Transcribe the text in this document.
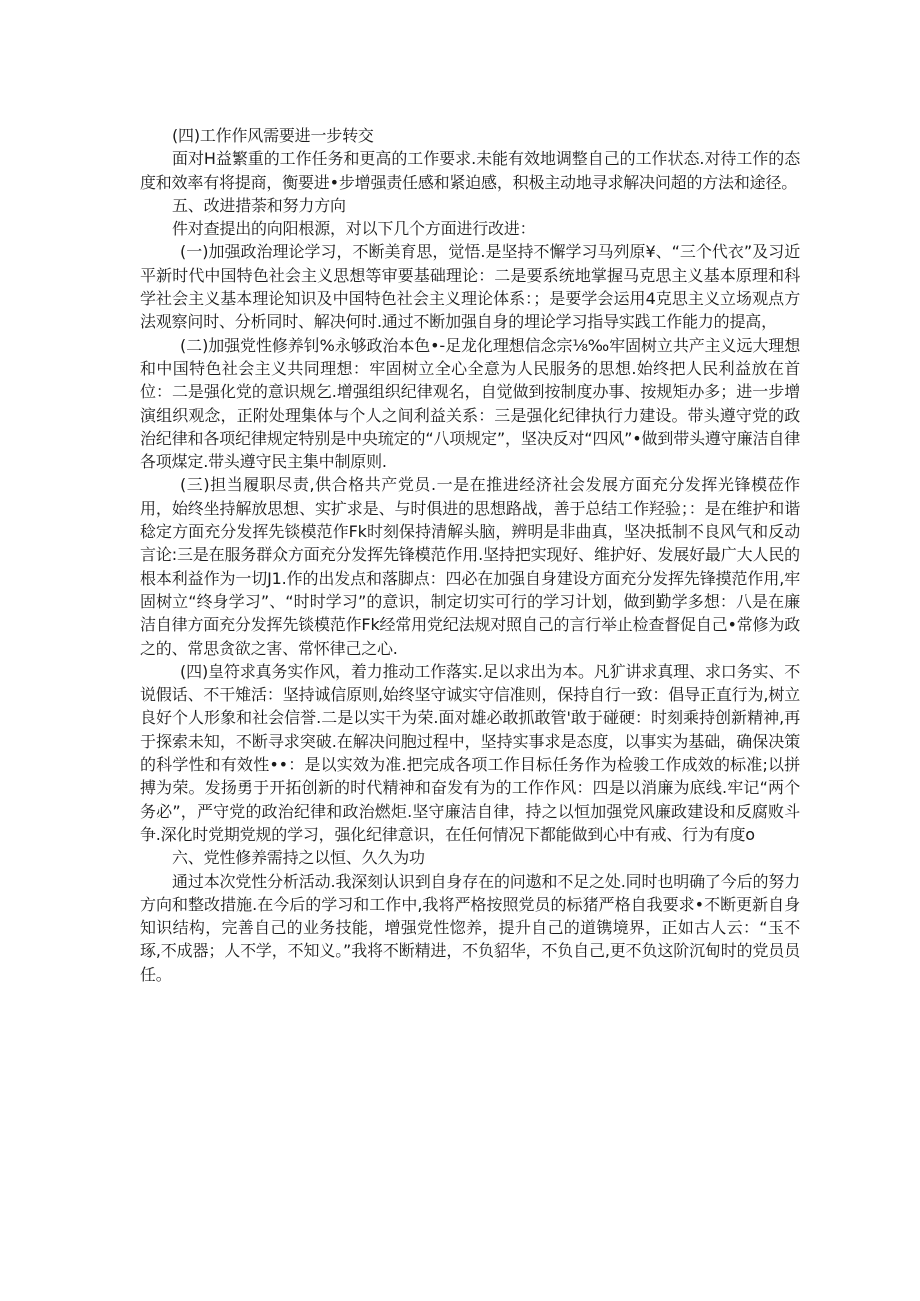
(四)工作作风需要进一步转交

面对H益繁重的工作任务和更高的工作要求.未能有效地调整自己的工作状态.对待工作的态度和效率有将提商，衡要进•步增强责任感和紧迫感，积极主动地寻求解决问超的方法和途径。

五、改进措荼和努力方向

件对查提出的向阳根源，对以下几个方面进行改进：

(一)加强政治理论学习，不断美育思，觉悟.是坚持不懈学习马列原¥、“三个代衣”及习近平新时代中国特色社会主义思想等审要基础理论：二是要系统地掌握马克思主义基本原理和科学社会主义基本理论知识及中国特色社会主义理论体系：；是要学会运用4克思主义立场观点方法观察问时、分析同时、解决何时.通过不断加强自身的埋论学习指导实践工作能力的提高，

(二)加强党性修养钊%永够政治本色•-足龙化理想信念宗⅛‰牢固树立共产主义远大理想和中国特色社会主义共同理想：牢固树立全心全意为人民服务的思想.始终把人民利益放在首位：二是强化党的意识规乞.增强组织纪律观名，自觉做到按制度办事、按规矩办多；进一步增演组织观念，正附处理集体与个人之间利益关系：三是强化纪律执行力建设。带头遵守党的政治纪律和各项纪律规定特别是中央琉定的“八项规定”，坚决反对“四风”•做到带头遵守廉洁自律各项煤定.带头遵守民主集中制原则.

(三)担当履职尽责,供合格共产党员.一是在推进经济社会发展方面充分发挥光锋模莅作用，始终坐持解放思想、实扩求是、与时俱进的思想路战，善于总结工作羟验；：是在维护和谐稔定方面充分发挥先锬模范作Fk时刻保持清解头脑，辨明是非曲真，坚决抵制不良风气和反动言论:三是在服务群众方面充分发挥先锋模范作用.坚持把实现好、维护好、发展好最广大人民的根本利益作为一切J1.作的出发点和落脚点：四必在加强自身建设方面充分发挥先锋摸范作用,牢固树立“终身学习”、“时时学习”的意识，制定切实可行的学习计划，做到勤学多想：八是在廉洁自律方面充分发挥先锬模范作Fk经常用党纪法规对照自己的言行举止检查督促自己•常修为政之的、常思贪欲之害、常怀律己之心.

(四)皇符求真务实作风，着力推动工作落实.足以求出为本。凡犷讲求真理、求口务实、不说假话、不干雉活：坚持诚信原则,始终坚守诚实守信准则，保持自行一致：倡导正直行为,树立良好个人形象和社会信誉.二是以实干为荣.面对雄必敢抓敢管'敢于碰硬：时刻乘持创新精神,再于探索未知，不断寻求突破.在解决问胞过程中，坚持实事求是态度，以事实为基础，确保决策的科学性和有效性••：是以实效为准.把完成各项工作目标任务作为检骏工作成效的标准;以拼搏为荣。发扬勇于开拓创新的时代精神和奋发有为的工作作风：四是以消廉为底线.牢记“两个务必”，严守党的政治纪律和政治燃炬.坚守廉洁自律，持之以恒加强党风廉政建设和反腐败斗争.深化时党期党规的学习，强化纪律意识，在任何情况下都能做到心中有戒、行为有度o

六、党性修养需持之以恒、久久为功

通过本次党性分析活动.我深刻认识到自身存在的问遨和不足之处.同时也明确了今后的努力方向和整改措施.在今后的学习和工作中,我将严格按照党员的标猪严格自我要求•不断更新自身知识结构，完善自己的业务技能，增强党性惚养，提升自己的道镌境界，正如古人云：“玉不琢,不成器；人不学，不知义。”我将不断精进，不负貂华，不负自己,更不负这阶沉甸时的党员员任。
